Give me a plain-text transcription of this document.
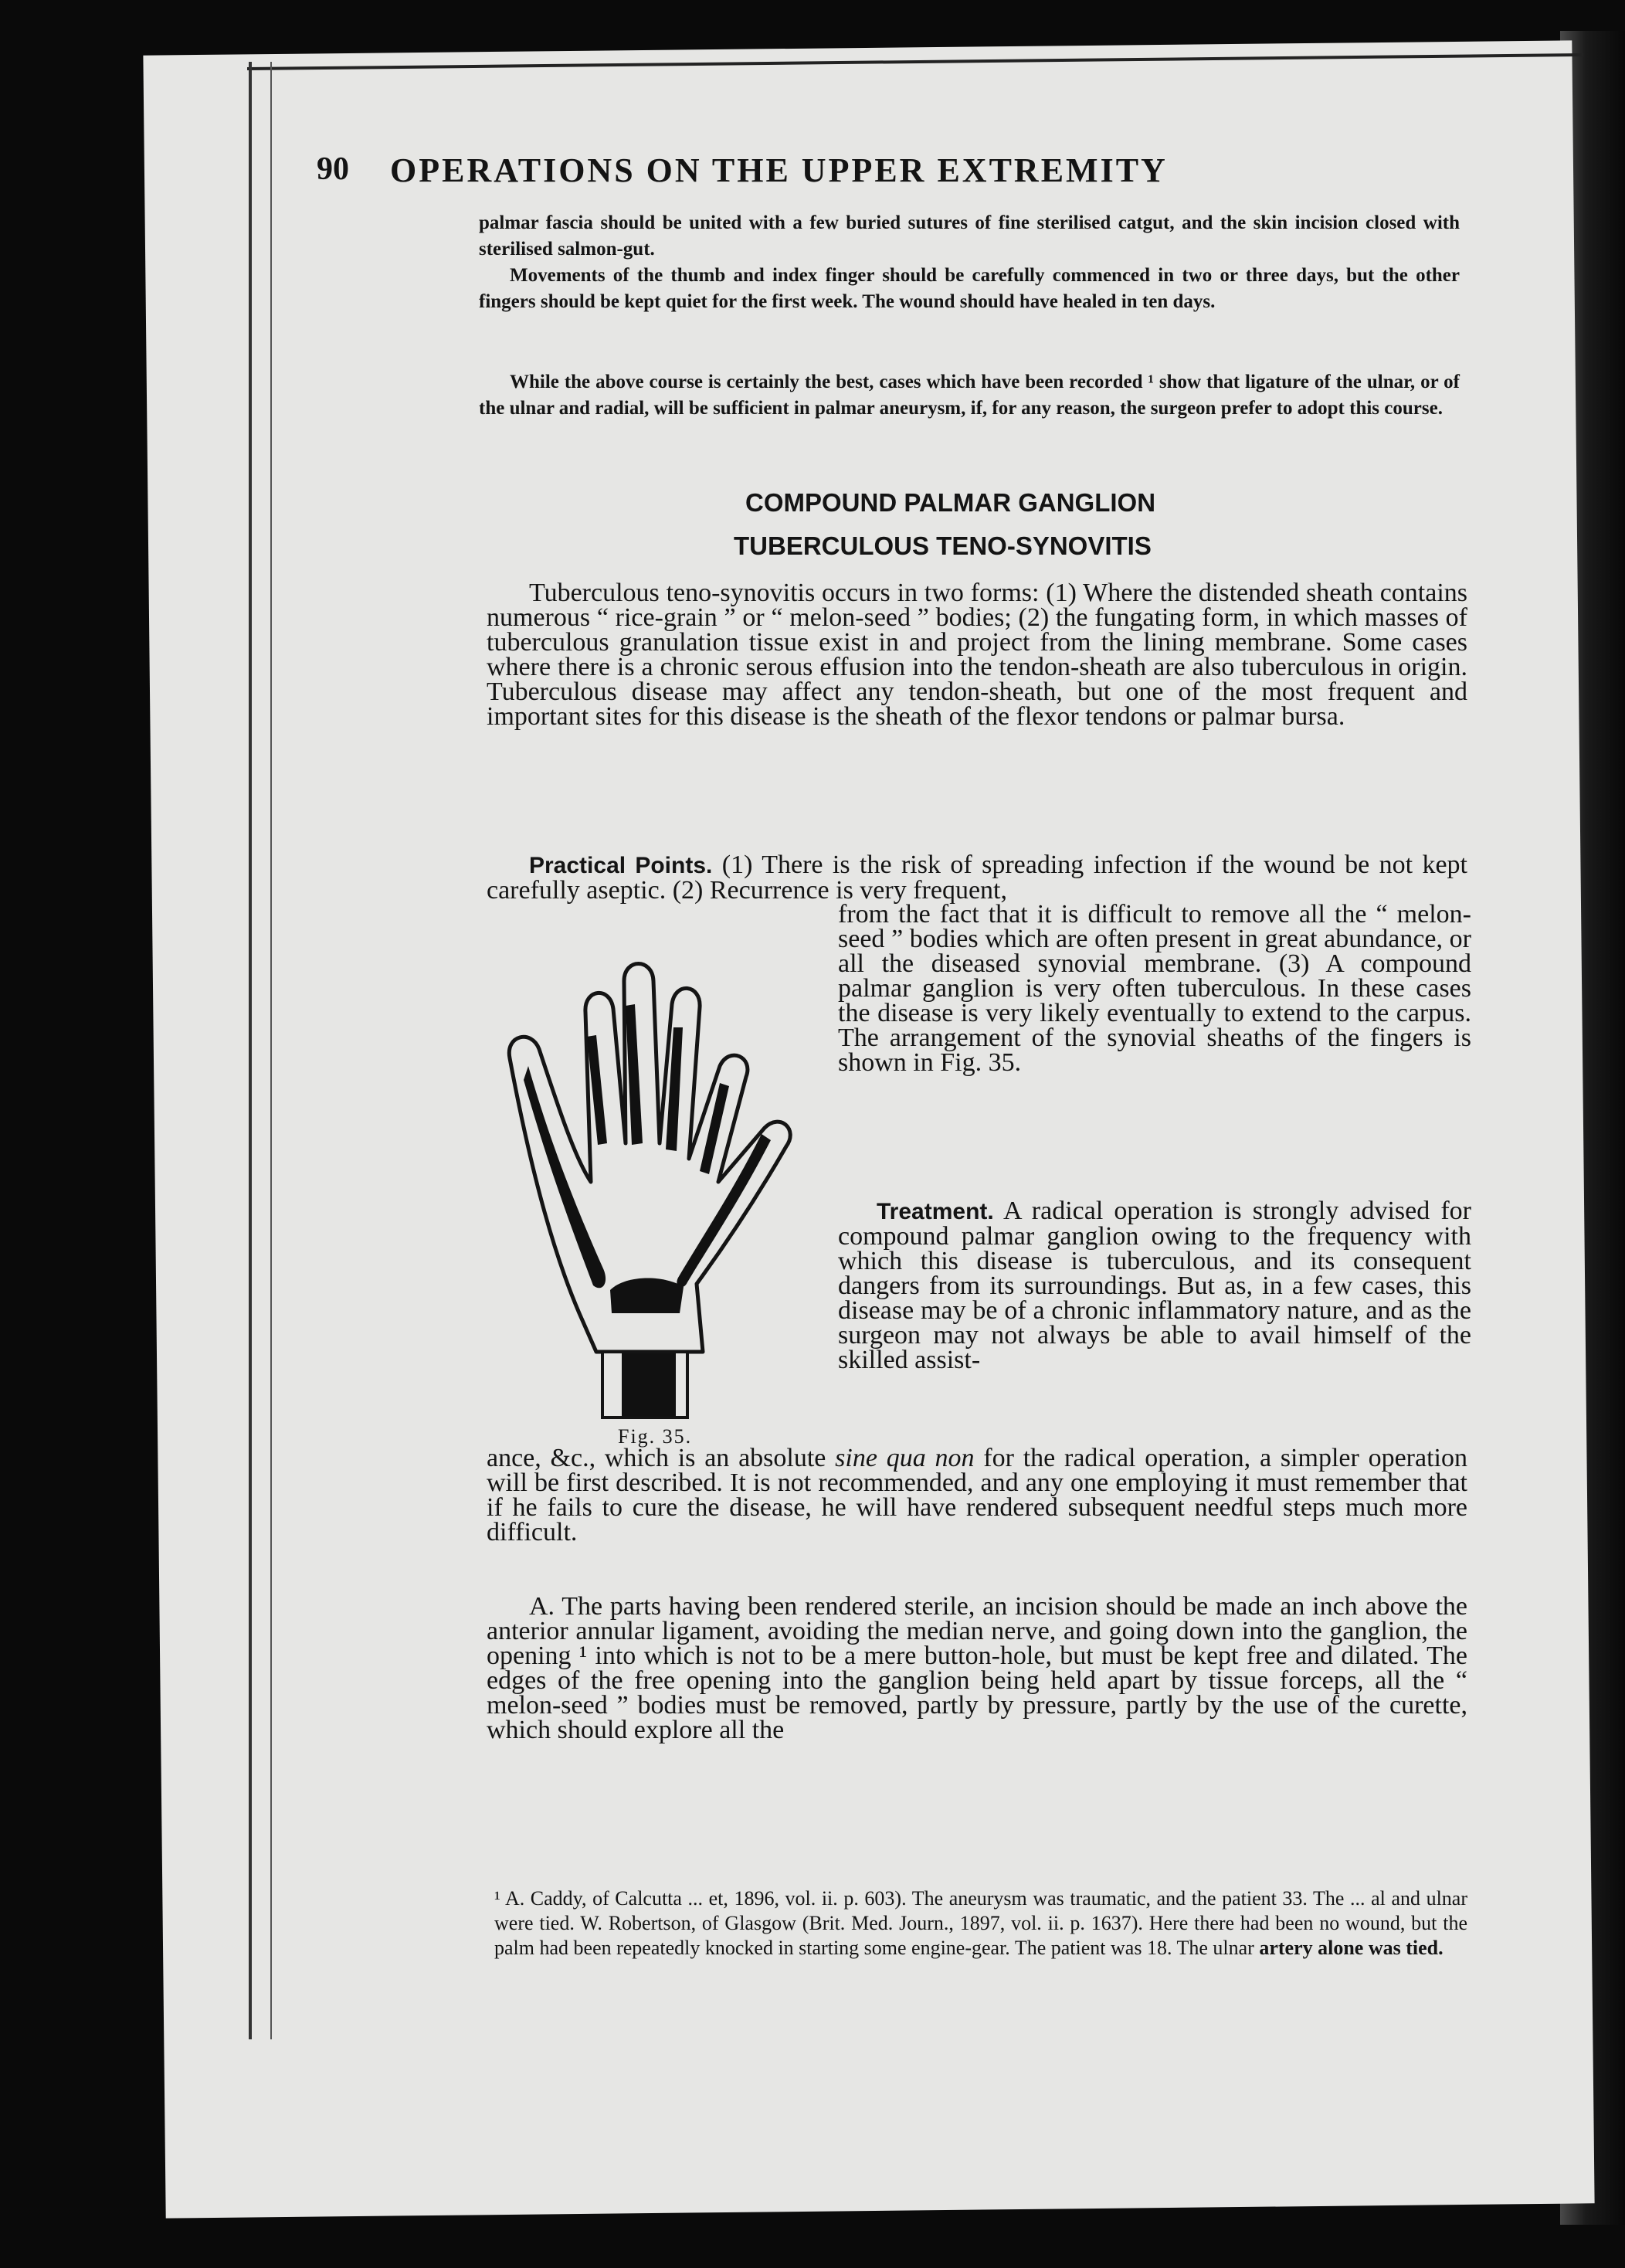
90 OPERATIONS ON THE UPPER EXTREMITY
palmar fascia should be united with a few buried sutures of fine sterilised catgut, and the skin incision closed with sterilised salmon-gut.
Movements of the thumb and index finger should be carefully commenced in two or three days, but the other fingers should be kept quiet for the first week. The wound should have healed in ten days.
While the above course is certainly the best, cases which have been recorded ¹ show that ligature of the ulnar, or of the ulnar and radial, will be sufficient in palmar aneurysm, if, for any reason, the surgeon prefer to adopt this course.
COMPOUND PALMAR GANGLION
TUBERCULOUS TENO-SYNOVITIS
Tuberculous teno-synovitis occurs in two forms: (1) Where the distended sheath contains numerous “ rice-grain ” or “ melon-seed ” bodies; (2) the fungating form, in which masses of tuberculous granulation tissue exist in and project from the lining membrane. Some cases where there is a chronic serous effusion into the tendon-sheath are also tuberculous in origin. Tuberculous disease may affect any tendon-sheath, but one of the most frequent and important sites for this disease is the sheath of the flexor tendons or palmar bursa.
Practical Points. (1) There is the risk of spreading infection if the wound be not kept carefully aseptic. (2) Recurrence is very frequent,
from the fact that it is difficult to remove all the “ melon-seed ” bodies which are often present in great abundance, or all the diseased synovial membrane. (3) A compound palmar ganglion is very often tuberculous. In these cases the disease is very likely eventually to extend to the carpus. The arrangement of the synovial sheaths of the fingers is shown in Fig. 35.
Treatment. A radical operation is strongly advised for compound palmar ganglion owing to the frequency with which this disease is tuberculous, and its consequent dangers from its surroundings. But as, in a few cases, this disease may be of a chronic inflammatory nature, and as the surgeon may not always be able to avail himself of the skilled assist-
ance, &c., which is an absolute sine qua non for the radical operation, a simpler operation will be first described. It is not recommended, and any one employing it must remember that if he fails to cure the disease, he will have rendered subsequent needful steps much more difficult.
A. The parts having been rendered sterile, an incision should be made an inch above the anterior annular ligament, avoiding the median nerve, and going down into the ganglion, the opening ¹ into which is not to be a mere button-hole, but must be kept free and dilated. The edges of the free opening into the ganglion being held apart by tissue forceps, all the “ melon-seed ” bodies must be removed, partly by pressure, partly by the use of the curette, which should explore all the
Fig. 35.
¹ A. Caddy, of Calcutta ... et, 1896, vol. ii. p. 603). The aneurysm was traumatic, and the patient 33. The ... al and ulnar were tied. W. Robertson, of Glasgow (Brit. Med. Journ., 1897, vol. ii. p. 1637). Here there had been no wound, but the palm had been repeatedly knocked in starting some engine-gear. The patient was 18. The ulnar artery alone was tied.
